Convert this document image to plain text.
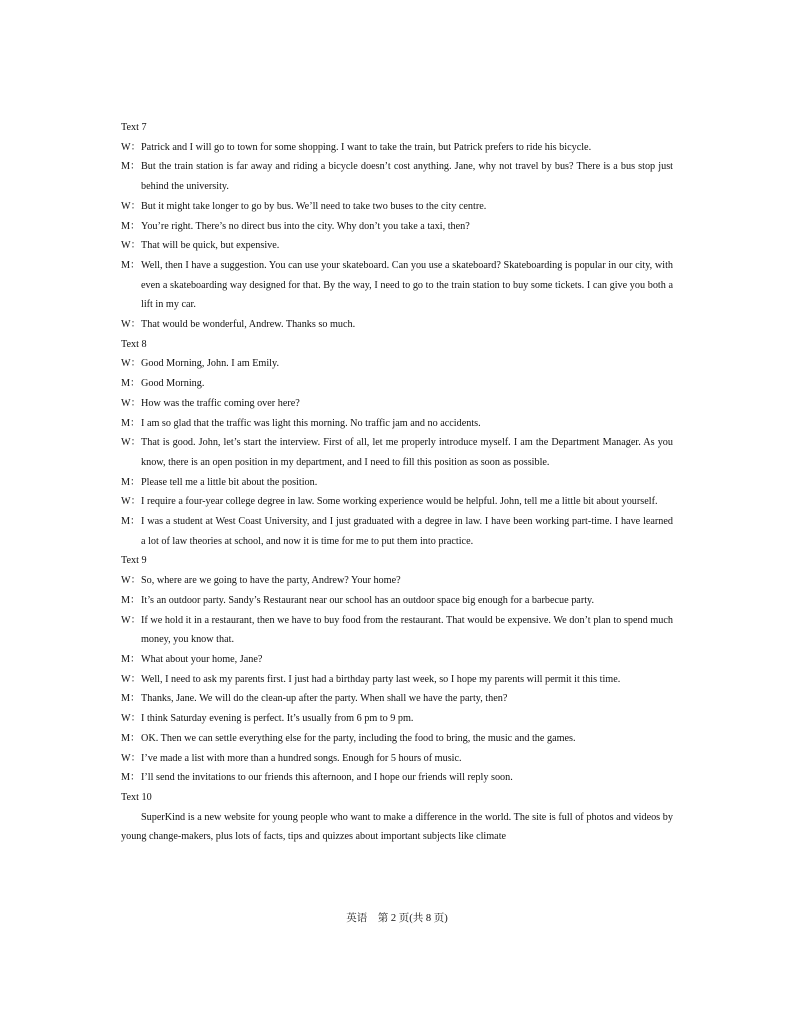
Text 7
W：Patrick and I will go to town for some shopping. I want to take the train, but Patrick prefers to ride his bicycle.
M：But the train station is far away and riding a bicycle doesn’t cost anything. Jane, why not travel by bus? There is a bus stop just behind the university.
W：But it might take longer to go by bus. We’ll need to take two buses to the city centre.
M：You’re right. There’s no direct bus into the city. Why don’t you take a taxi, then?
W：That will be quick, but expensive.
M：Well, then I have a suggestion. You can use your skateboard. Can you use a skateboard? Skateboarding is popular in our city, with even a skateboarding way designed for that. By the way, I need to go to the train station to buy some tickets. I can give you both a lift in my car.
W：That would be wonderful, Andrew. Thanks so much.
Text 8
W：Good Morning, John. I am Emily.
M：Good Morning.
W：How was the traffic coming over here?
M：I am so glad that the traffic was light this morning. No traffic jam and no accidents.
W：That is good. John, let’s start the interview. First of all, let me properly introduce myself. I am the Department Manager. As you know, there is an open position in my department, and I need to fill this position as soon as possible.
M：Please tell me a little bit about the position.
W：I require a four-year college degree in law. Some working experience would be helpful. John, tell me a little bit about yourself.
M：I was a student at West Coast University, and I just graduated with a degree in law. I have been working part-time. I have learned a lot of law theories at school, and now it is time for me to put them into practice.
Text 9
W：So, where are we going to have the party, Andrew? Your home?
M：It’s an outdoor party. Sandy’s Restaurant near our school has an outdoor space big enough for a barbecue party.
W：If we hold it in a restaurant, then we have to buy food from the restaurant. That would be expensive. We don’t plan to spend much money, you know that.
M：What about your home, Jane?
W：Well, I need to ask my parents first. I just had a birthday party last week, so I hope my parents will permit it this time.
M：Thanks, Jane. We will do the clean-up after the party. When shall we have the party, then?
W：I think Saturday evening is perfect. It’s usually from 6 pm to 9 pm.
M：OK. Then we can settle everything else for the party, including the food to bring, the music and the games.
W：I’ve made a list with more than a hundred songs. Enough for 5 hours of music.
M：I’ll send the invitations to our friends this afternoon, and I hope our friends will reply soon.
Text 10
SuperKind is a new website for young people who want to make a difference in the world. The site is full of photos and videos by young change-makers, plus lots of facts, tips and quizzes about important subjects like climate
英语　第 2 页(共 8 页)
